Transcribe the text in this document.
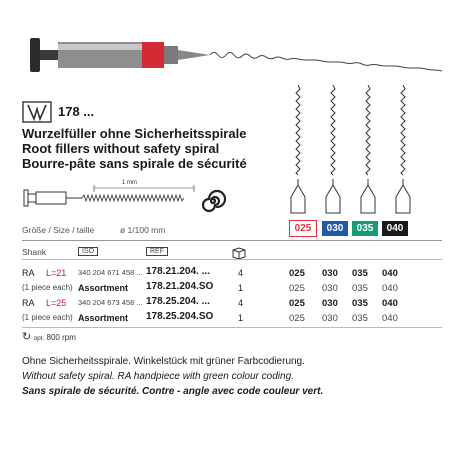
178 ...
Wurzelfüller ohne Sicherheitsspirale
Root fillers without safety spiral
Bourre-pâte sans spirale de sécurité
1 mm
Größe / Size / taille	ø 1/100 mm	025	030	035	040
Shank	ISO	REF
RA L=21 340 204 671 458 ... 178.21.204. ...	4	025 030 035 040
(1 piece each) Assortment 178.21.204.SO	1	025 030 035 040
RA L=25 340 204 673 458 ... 178.25.204. ...	4	025 030 035 040
(1 piece each) Assortment 178.25.204.SO	1	025 030 035 040
↻ opt. 800 rpm
Ohne Sicherheitsspirale. Winkelstück mit grüner Farbcodierung.
Without safety spiral. RA handpiece with green colour coding.
Sans spirale de sécurité. Contre - angle avec code couleur vert.
